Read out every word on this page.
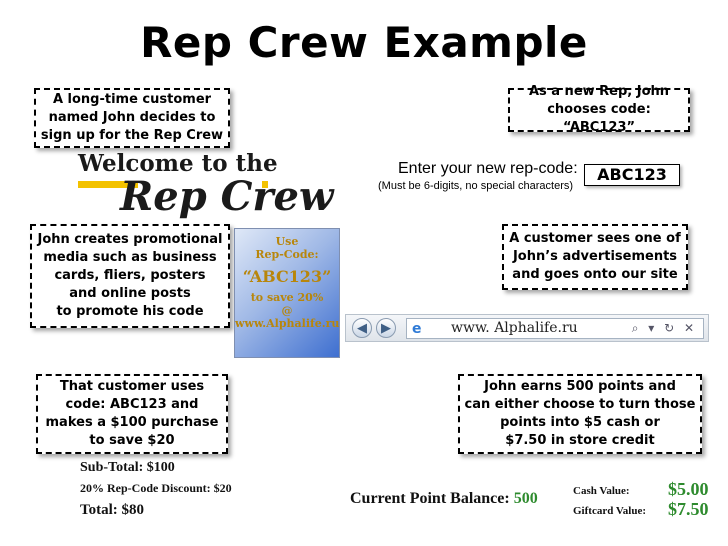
Rep Crew Example
A long-time customer
named John decides to
sign up for the Rep Crew
As a new Rep, John
chooses code: “ABC123”
Welcome to the
Rep Crew
Enter your new rep-code:
(Must be 6-digits, no special characters)
ABC123
John creates promotional
media such as business
cards, fliers, posters
and online posts
to promote his code
Use
Rep-Code:
“ABC123”
to save 20%
@
www.Alphalife.ru
A customer sees one of
John’s advertisements
and goes onto our site
◀	▶	e www. Alphalife.ru	⌕ ▾ ↻ ✕
That customer uses
code: ABC123 and
makes a $100 purchase
to save $20
John earns 500 points and
can either choose to turn those
points into $5 cash or
$7.50 in store credit
Sub-Total: $100
20% Rep-Code Discount: $20
Total: $80
Current Point Balance: 500	Cash Value: $5.00
Giftcard Value: $7.50
